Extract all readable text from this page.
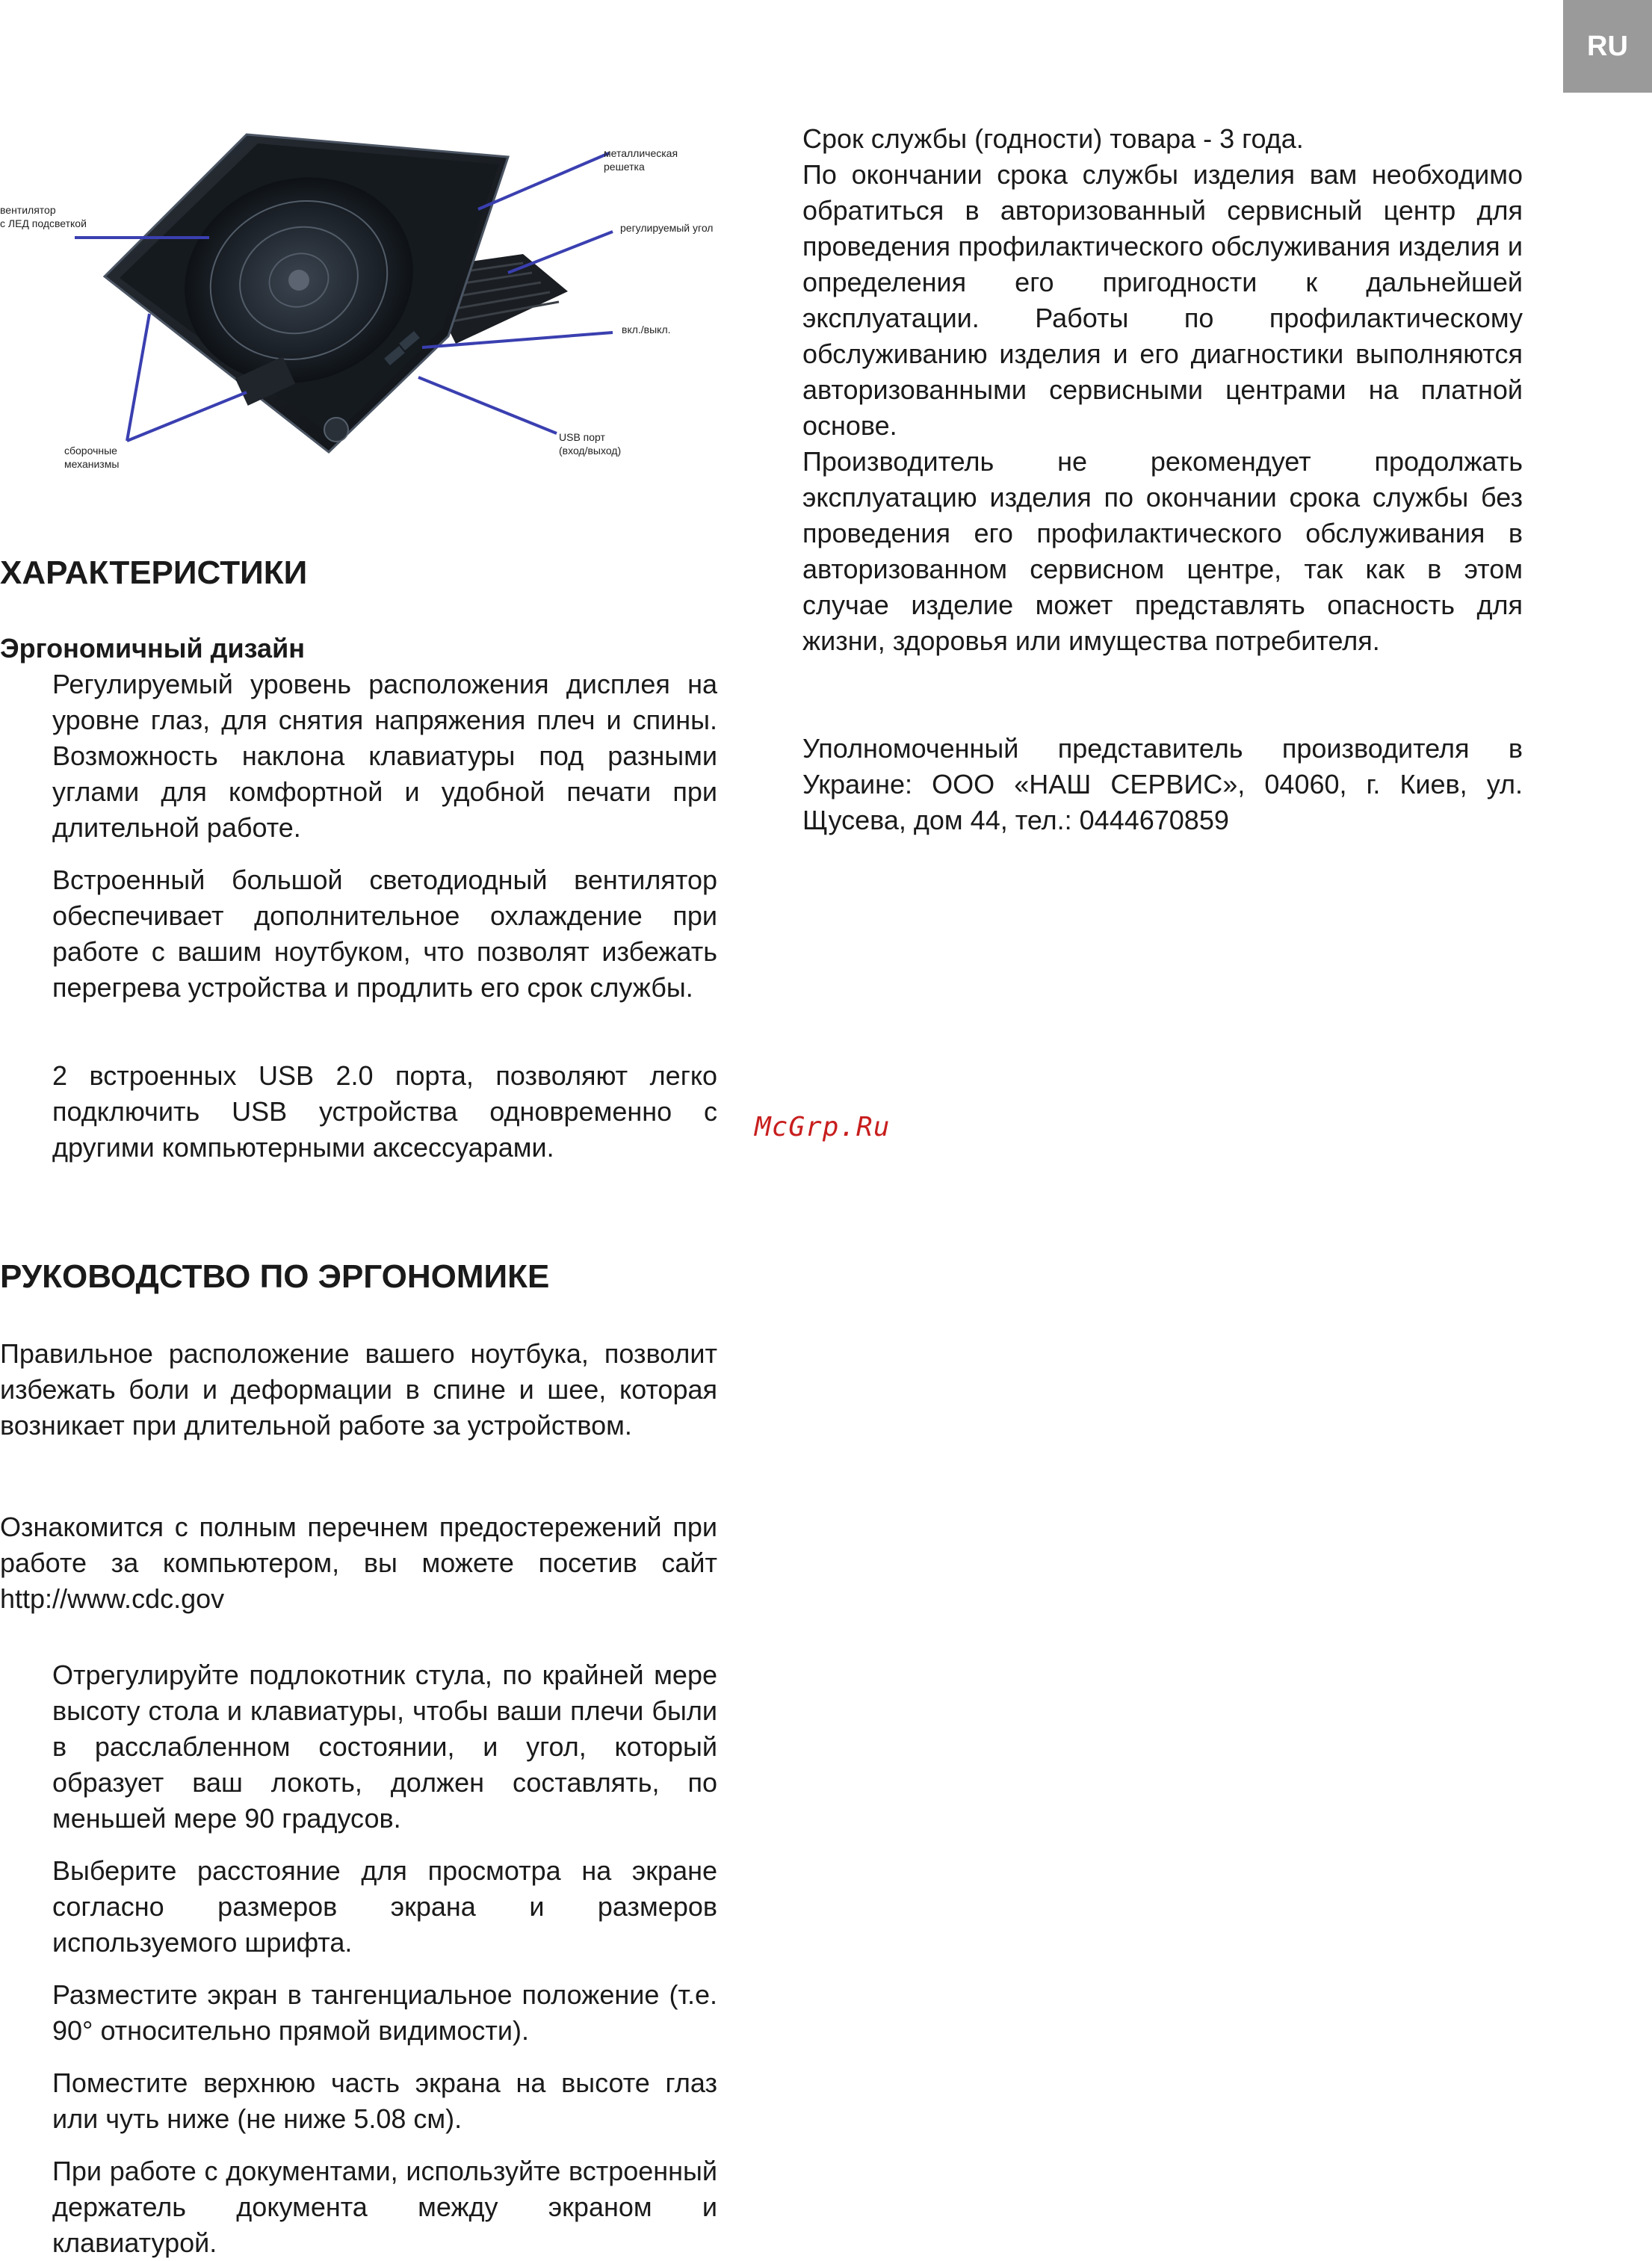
RU
вентилятор
с ЛЕД подсветкой
металлическая
решетка
регулируемый угол
вкл./выкл.
USB порт
(вход/выход)
сборочные
механизмы
ХАРАКТЕРИСТИКИ
Эргономичный дизайн
Регулируемый уровень расположения дисплея на уровне глаз, для снятия напряжения плеч и спины. Возможность наклона клавиатуры под разными углами для комфортной и удобной печати при длительной работе.
Встроенный большой светодиодный вентилятор обеспечивает дополнительное охлаждение при работе с вашим ноутбуком, что позволят избежать перегрева устройства и продлить его срок службы.
2 встроенных USB 2.0 порта, позволяют легко подключить USB устройства одновременно с другими компьютерными аксессуарами.
McGrp.Ru
РУКОВОДСТВО ПО ЭРГОНОМИКЕ
Правильное расположение вашего ноутбука, позволит избежать боли и деформации в спине и шее, которая возникает при длительной работе за устройством.
Ознакомится с полным перечнем предостережений при работе за компьютером, вы можете посетив сайт http://www.cdc.gov
Отрегулируйте подлокотник стула, по крайней мере высоту стола и клавиатуры, чтобы ваши плечи были в расслабленном состоянии, и угол, который образует ваш локоть, должен составлять, по меньшей мере 90 градусов.
Выберите расстояние для просмотра на экране согласно размеров экрана и размеров используемого шрифта.
Разместите экран в тангенциальное положение (т.е. 90° относительно прямой видимости).
Поместите верхнюю часть экрана на высоте глаз или чуть ниже (не ниже 5.08 см).
При работе с документами, используйте встроенный держатель документа между экраном и клавиатурой.
Срок службы (годности) товара - 3 года.
По окончании срока службы изделия вам необходимо обратиться в авторизованный сервисный центр для проведения профилактического обслуживания изделия и определения его пригодности к дальнейшей эксплуатации. Работы по профилактическому обслуживанию изделия и его диагностики выполняются авторизованными сервисными центрами на платной основе.
Производитель не рекомендует продолжать эксплуатацию изделия по окончании срока службы без проведения его профилактического обслуживания в авторизованном сервисном центре, так как в этом случае изделие может представлять опасность для жизни, здоровья или имущества потребителя.
Уполномоченный представитель производителя в Украине: ООО «НАШ СЕРВИС», 04060, г. Киев, ул. Щусева, дом 44, тел.: 0444670859
